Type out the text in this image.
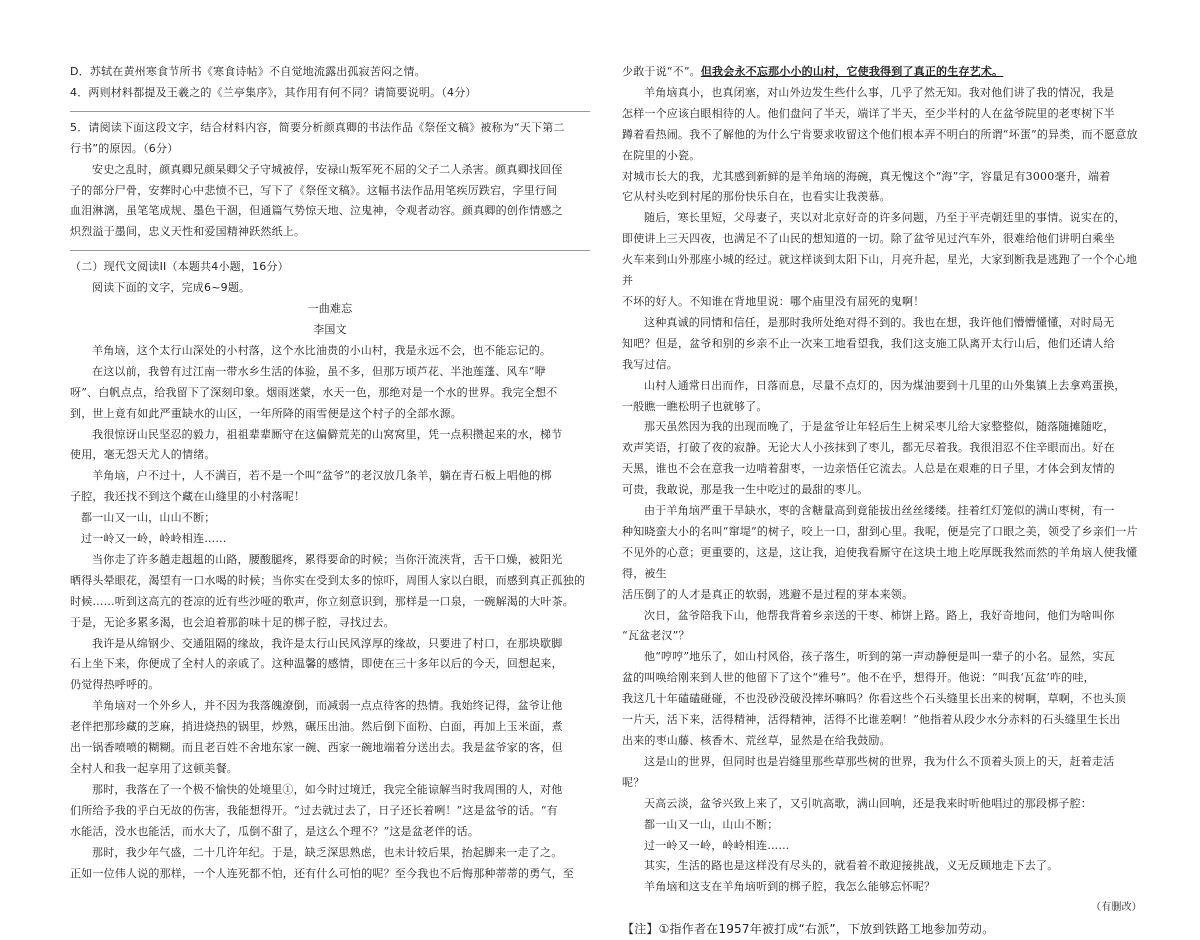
D．苏轼在黄州寒食节所书《寒食诗帖》不自觉地流露出孤寂苦闷之情。

4．两则材料都提及王羲之的《兰亭集序》，其作用有何不同？请简要说明。（4分）

5．请阅读下面这段文字，结合材料内容，简要分析颜真卿的书法作品《祭侄文稿》被称为“天下第二

行书”的原因。（6分）

安史之乱时，颜真卿兄颜杲卿父子守城被俘，安禄山叛军死不屈的父子二人杀害。颜真卿找回侄

子的部分尸骨，安葬时心中悲愤不已，写下了《祭侄文稿》。这幅书法作品用笔疾厉跌宕，字里行间

血泪淋漓，虽笔笔成规、墨色干涸，但通篇气势惊天地、泣鬼神，令观者动容。颜真卿的创作情感之

炽烈溢于墨间，忠义天性和爱国精神跃然纸上。

（二）现代文阅读II（本题共4小题，16分）

阅读下面的文字，完成6~9题。

一曲难忘

李国文

羊角垴，这个太行山深处的小村落，这个水比油贵的小山村，我是永远不会，也不能忘记的。

在这以前，我曾有过江南一带水乡生活的体验，虽不多，但那万顷芦花、半池莲蓬、风车“咿

呀”、白帆点点，给我留下了深刻印象。烟雨迷蒙，水天一色，那绝对是一个水的世界。我完全想不

到，世上竟有如此严重缺水的山区，一年所降的雨雪便是这个村子的全部水源。

我很惊讶山民坚忍的毅力，祖祖辈辈厮守在这偏僻荒芜的山窝窝里，凭一点积攒起来的水，梯节

使用，毫无怨天尤人的情绪。

羊角垴，户不过十，人不满百，若不是一个叫“盆爷”的老汉放几条羊，躺在青石板上唱他的梆

子腔，我还找不到这个藏在山缝里的小村落呢！

都一山又一山，山山不断；

过一岭又一岭，岭岭相连……

当你走了许多趟走趄趄的山路，腰酸腿疼，累得要命的时候；当你汗流浃背，舌干口燥，被阳光

晒得头晕眼花，渴望有一口水喝的时候；当你实在受到太多的惊吓，周围人家以白眼，而感到真正孤独的

时候……听到这高亢的苍凉的近有些沙哑的歌声，你立刻意识到，那样是一口泉，一碗解渴的大叶茶。

于是，无论多累多渴，也会迫着那韵味十足的梆子腔，寻找过去。

我许是从绵钢少、交通阻隔的缘故，我许是太行山民风淳厚的缘故，只要进了村口，在那块歇脚

石上坐下来，你便成了全村人的亲戚了。这种温馨的感情，即使在三十多年以后的今天，回想起来，

仍觉得热呼呼的。

羊角垴对一个外乡人，并不因为我落魄潦倒，而减弱一点点待客的热情。我始终记得，盆爷让他

老伴把那珍藏的芝麻，捎进烧热的锅里，炒熟，碾压出油。然后倒下面粉、白面，再加上玉米面，煮

出一锅香喷喷的糊糊。而且老百姓不舍地东家一碗、西家一碗地端着分送出去。我是盆爷家的客，但

全村人和我一起享用了这顿美餐。

那时，我落在了一个极不愉快的处境里①，如今时过境迁，我完全能谅解当时我周围的人，对他

们所给予我的乎白无故的伤害，我能想得开。“过去就过去了，日子还长着咧！”这是盆爷的话。“有

水能活，没水也能活，而水大了，瓜倒不甜了，是这么个理不？”这是盆老伴的话。

那时，我少年气盛，二十几许年纪。于是，缺乏深思熟虑，也未计较后果，抬起脚来一走了之。

正如一位伟人说的那样，一个人连死都不怕，还有什么可怕的呢？至今我也不后悔那种蒂蒂的勇气，至

少敢于说“不”。但我会永不忘那小小的山村，它使我得到了真正的生存艺术。

羊角垴真小，也真闭塞，对山外边发生些什么事，几乎了然无知。我对他们讲了我的情况，我是

怎样一个应该白眼相待的人。他们盘问了半天，端详了半天，至少半村的人在盆爷院里的老枣树下半

蹲着看热闹。我不了解他的为什么宁肯要求收留这个他们根本弄不明白的所谓“坏蛋”的异类，而不愿意放在院里的小瓷。

对城市长大的我，尤其感到新鲜的是羊角垴的海碗，真无愧这个“海”字，容量足有3000毫升，端着

它从村头吃到村尾的那份快乐自在，也看实让我羡慕。

随后，寒长里短，父母妻子，夹以对北京好奇的许多问题，乃至于平壳朝廷里的事情。说实在的，

即使讲上三天四夜，也满足不了山民的想知道的一切。除了盆爷见过汽车外，很难给他们讲明白乘坐

火车来到山外那座小城的经过。就这样谈到太阳下山，月亮升起，星光，大家到断我是逃跑了一个个心地并

不坏的好人。不知谁在背地里说：哪个庙里没有屈死的鬼啊！

这种真诚的同情和信任，是那时我所处绝对得不到的。我也在想，我许他们懵懵懂懂，对时局无

知吧？但是，盆爷和别的乡亲不止一次来工地看望我，我们这支施工队离开太行山后，他们还请人给

我写过信。

山村人通常日出而作，日落而息，尽量不点灯的，因为煤油要到十几里的山外集镇上去拿鸡蛋换，

一般瞧一瞧松明子也就够了。

那天虽然因为我的出现而晚了，于是盆爷让年轻后生上树采枣儿给大家整整似，随落随摊随吃，

欢声笑语，打破了夜的寂静。无论大人小孩抹到了枣儿，都无尽着我。我很泪忍不住辛眼而出。好在

天黑，谁也不会在意我一边啃着甜枣，一边亲悟任它流去。人总是在艰难的日子里，才体会到友情的

可贵，我敢说，那是我一生中吃过的最甜的枣儿。

由于羊角垴严重干旱缺水，枣的含糖量高到竟能拔出丝丝缕缕。挂着红灯笼似的满山枣树，有一

种知晓蛮大小的名叫“窜堤”的树子，咬上一口，甜到心里。我呢，便是完了口眼之美，领受了乡亲们一片

不见外的心意；更重要的，这是，这让我，迫使我看厮守在这块土地上吃厚既我然而然的羊角垴人使我懂得，被生

活压倒了的人才是真正的软弱，逃避不是过程的芽本来领。

次日，盆爷陪我下山，他帮我背着乡亲送的干枣、柿饼上路。路上，我好奇地问，他们为啥叫你

“瓦盆老汉”？

他“哼哼”地乐了，如山村风俗，孩子落生，听到的第一声动静便是叫一辈子的小名。显然，实瓦

盆的叫唤给刚来到人世的他留下了这个“雅号”。他不在乎，想得开。他说：“叫我‘瓦盆’咋的哇，

我这几十年磕磕碰碰，不也没砂没破没摔坏嘛吗？你看这些个石头缝里长出来的树啊，草啊，不也头顶

一片天，活下来，活得精神，活得精神，活得不比谁差啊！”他指着从段少水分赤料的石头缝里生长出

出来的枣山藤、核香木、荒丝草，显然是在给我鼓励。

这是山的世界，但同时也是岩缝里那些草那些树的世界，我为什么不顶着头顶上的天，赶着走活

呢？

天高云淡，盆爷兴致上来了，又引吭高歌，满山回响，还是我来时听他唱过的那段梆子腔：

都一山又一山，山山不断；

过一岭又一岭，岭岭相连……

其实，生活的路也是这样没有尽头的，就看着不敢迎接挑战，义无反顾地走下去了。

羊角垴和这支在羊角垴听到的梆子腔，我怎么能够忘怀呢？

（有删改）

【注】①指作者在1957年被打成“右派”，下放到铁路工地参加劳动。
